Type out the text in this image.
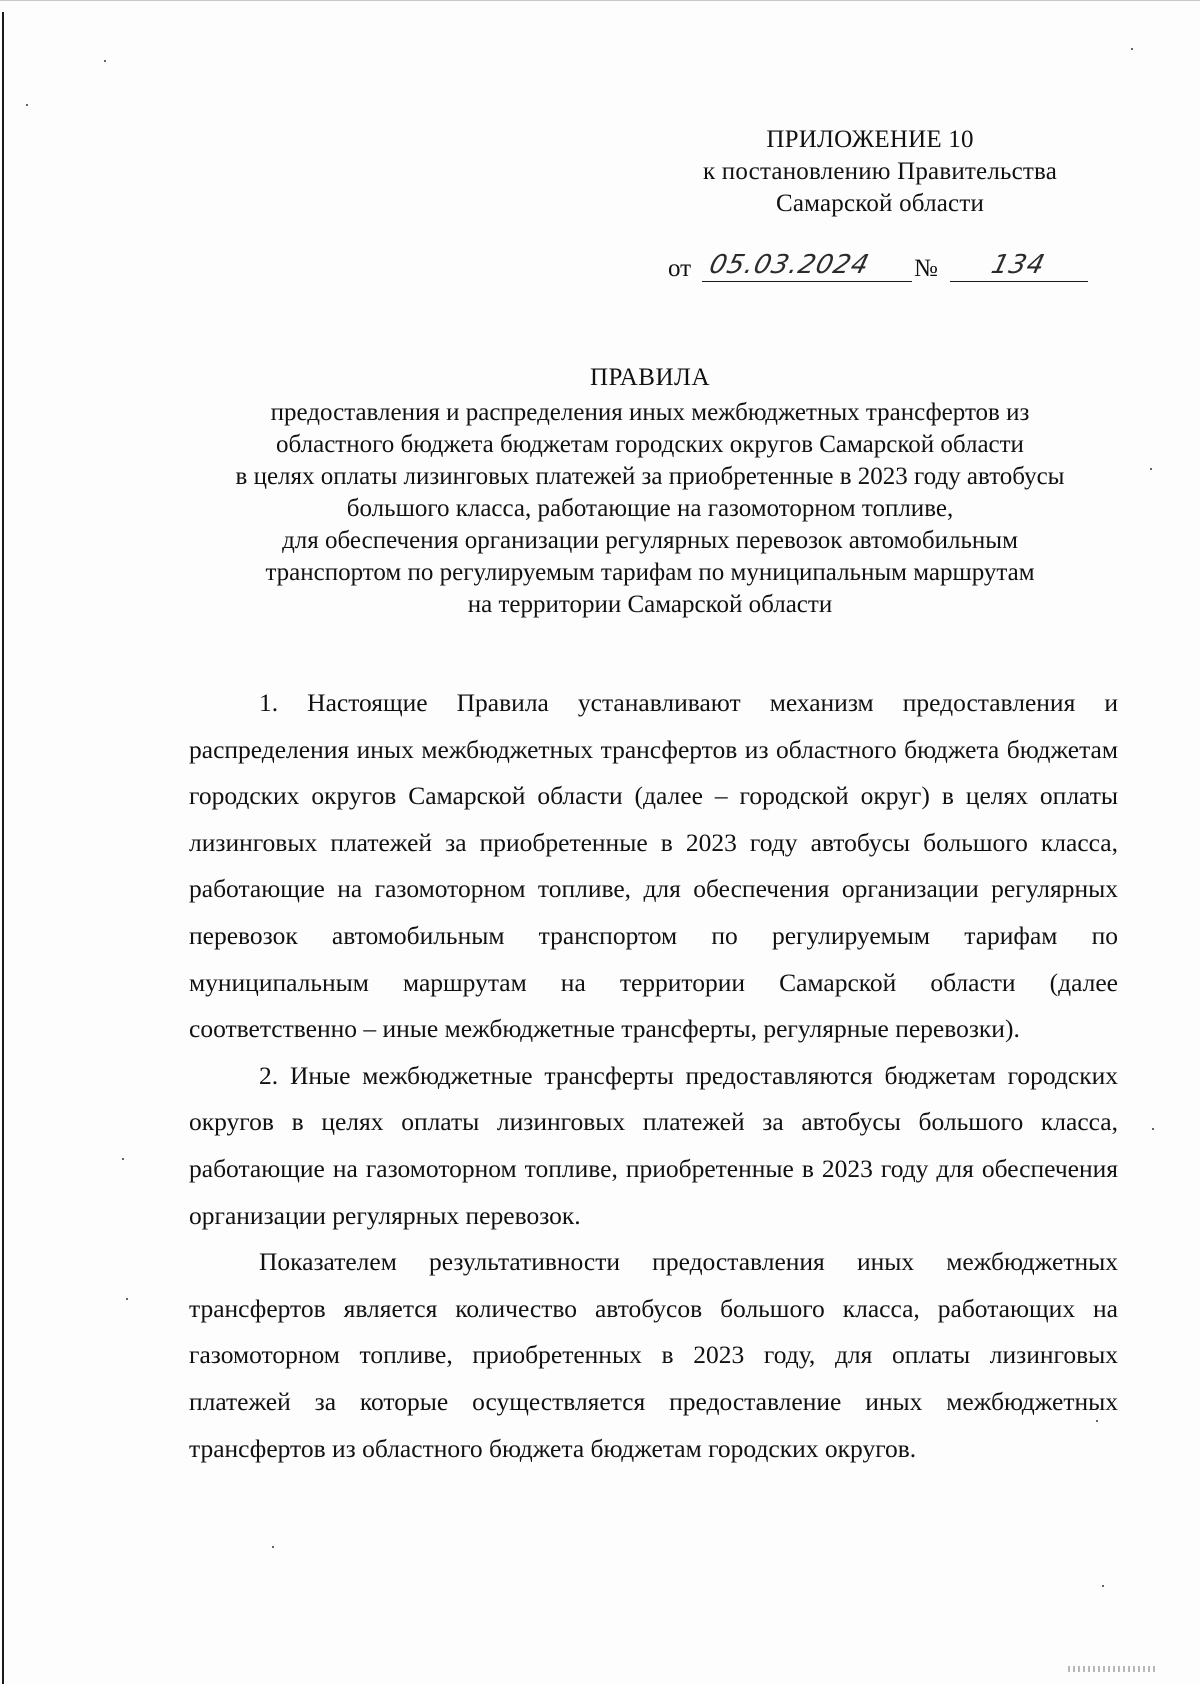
ПРИЛОЖЕНИЕ 10
к постановлению Правительства
Самарской области
от 05.03.2024 № 134
ПРАВИЛА
предоставления и распределения иных межбюджетных трансфертов из
областного бюджета бюджетам городских округов Самарской области
в целях оплаты лизинговых платежей за приобретенные в 2023 году автобусы
большого класса, работающие на газомоторном топливе,
для обеспечения организации регулярных перевозок автомобильным
транспортом по регулируемым тарифам по муниципальным маршрутам
на территории Самарской области

1. Настоящие Правила устанавливают механизм предоставления и распределения иных межбюджетных трансфертов из областного бюджета бюджетам городских округов Самарской области (далее – городской округ) в целях оплаты лизинговых платежей за приобретенные в 2023 году автобусы большого класса, работающие на газомоторном топливе, для обеспечения организации регулярных перевозок автомобильным транспортом по регулируемым тарифам по муниципальным маршрутам на территории Самарской области (далее соответственно – иные межбюджетные трансферты, регулярные перевозки).

2. Иные межбюджетные трансферты предоставляются бюджетам городских округов в целях оплаты лизинговых платежей за автобусы большого класса, работающие на газомоторном топливе, приобретенные в 2023 году для обеспечения организации регулярных перевозок.

Показателем результативности предоставления иных межбюджетных трансфертов является количество автобусов большого класса, работающих на газомоторном топливе, приобретенных в 2023 году, для оплаты лизинговых платежей за которые осуществляется предоставление иных межбюджетных трансфертов из областного бюджета бюджетам городских округов.
